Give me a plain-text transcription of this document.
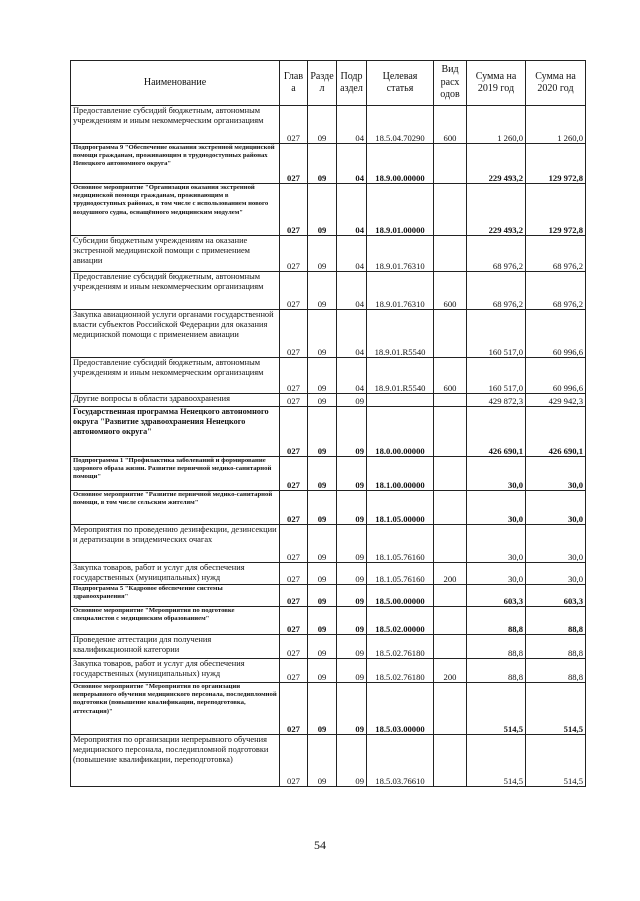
Наименование	Глав а	Разде л	Подр аздел	Целевая статья	Вид расх одов	Сумма на 2019 год	Сумма на 2020 год
Предоставление субсидий бюджетным, автономным учреждениям и иным некоммерческим организациям	027	09	04	18.5.04.70290	600	1 260,0	1 260,0
Подпрограмма 9 "Обеспечение оказания экстренной медицинской помощи гражданам, проживающим в труднодоступных районах Ненецкого автономного округа"	027	09	04	18.9.00.00000		229 493,2	129 972,8
Основное мероприятие "Организация оказания экстренной медицинской помощи гражданам, проживающим в труднодоступных районах, в том числе с использованием нового воздушного судна, оснащённого медицинским модулем"	027	09	04	18.9.01.00000		229 493,2	129 972,8
Субсидии бюджетным учреждениям на оказание экстренной медицинской помощи с применением авиации	027	09	04	18.9.01.76310		68 976,2	68 976,2
Предоставление субсидий бюджетным, автономным учреждениям и иным некоммерческим организациям	027	09	04	18.9.01.76310	600	68 976,2	68 976,2
Закупка авиационной услуги органами государственной власти субъектов Российской Федерации для оказания медицинской помощи с применением авиации	027	09	04	18.9.01.R5540		160 517,0	60 996,6
Предоставление субсидий бюджетным, автономным учреждениям и иным некоммерческим организациям	027	09	04	18.9.01.R5540	600	160 517,0	60 996,6
Другие вопросы в области здравоохранения	027	09	09			429 872,3	429 942,3
Государственная программа Ненецкого автономного округа "Развитие здравоохранения Ненецкого автономного округа"	027	09	09	18.0.00.00000		426 690,1	426 690,1
Подпрограмма 1 "Профилактика заболеваний и формирование здорового образа жизни. Развитие первичной медико-санитарной помощи"	027	09	09	18.1.00.00000		30,0	30,0
Основное мероприятие "Развитие первичной медико-санитарной помощи, в том числе сельским жителям"	027	09	09	18.1.05.00000		30,0	30,0
Мероприятия по проведению дезинфекции, дезинсекции и дератизации в эпидемических очагах	027	09	09	18.1.05.76160		30,0	30,0
Закупка товаров, работ и услуг для обеспечения государственных (муниципальных) нужд	027	09	09	18.1.05.76160	200	30,0	30,0
Подпрограмма 5 "Кадровое обеспечение системы здравоохранения"	027	09	09	18.5.00.00000		603,3	603,3
Основное мероприятие "Мероприятия по подготовке специалистов с медицинским образованием"	027	09	09	18.5.02.00000		88,8	88,8
Проведение аттестации для получения квалификационной категории	027	09	09	18.5.02.76180		88,8	88,8
Закупка товаров, работ и услуг для обеспечения государственных (муниципальных) нужд	027	09	09	18.5.02.76180	200	88,8	88,8
Основное мероприятие "Мероприятия по организации непрерывного обучения медицинского персонала, последипломной подготовки (повышение квалификации, переподготовка, аттестация)"	027	09	09	18.5.03.00000		514,5	514,5
Мероприятия по организации непрерывного обучения медицинского персонала, последипломной подготовки (повышение квалификации, переподготовка)	027	09	09	18.5.03.76610		514,5	514,5
54
